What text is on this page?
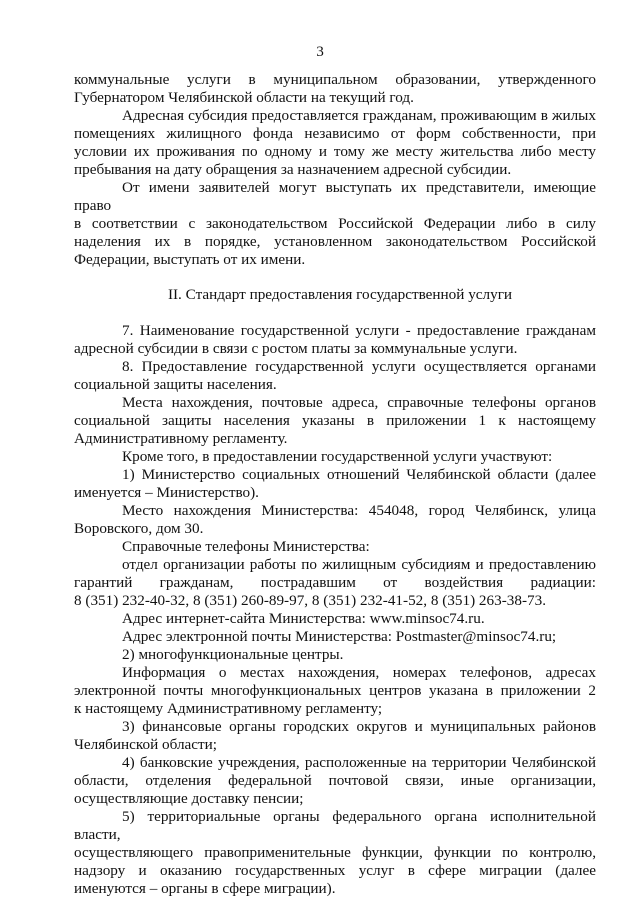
3

коммунальные услуги в муниципальном образовании, утвержденного

Губернатором Челябинской области на текущий год.

Адресная субсидия предоставляется гражданам, проживающим в жилых

помещениях жилищного фонда независимо от форм собственности, при

условии их проживания по одному и тому же месту жительства либо месту

пребывания на дату обращения за назначением адресной субсидии.

От имени заявителей могут выступать их представители, имеющие право

в соответствии с законодательством Российской Федерации либо в силу

наделения их в порядке, установленном законодательством Российской

Федерации, выступать от их имени.

II. Стандарт предоставления государственной услуги

7. Наименование государственной услуги - предоставление гражданам

адресной субсидии в связи с ростом платы за коммунальные услуги.

8. Предоставление государственной услуги осуществляется органами

социальной защиты населения.

Места нахождения, почтовые адреса, справочные телефоны органов

социальной защиты населения указаны в приложении 1 к настоящему

Административному регламенту.

Кроме того, в предоставлении государственной услуги участвуют:

1) Министерство социальных отношений Челябинской области (далее

именуется – Министерство).

Место нахождения Министерства: 454048, город Челябинск, улица

Воровского, дом 30.

Справочные телефоны Министерства:

отдел организации работы по жилищным субсидиям и предоставлению

гарантий гражданам, пострадавшим от воздействия радиации:

8 (351) 232-40-32, 8 (351) 260-89-97, 8 (351) 232-41-52, 8 (351) 263-38-73.

Адрес интернет-сайта Министерства: www.minsoc74.ru.

Адрес электронной почты Министерства: Postmaster@minsoc74.ru;

2) многофункциональные центры.

Информация о местах нахождения, номерах телефонов, адресах

электронной почты многофункциональных центров указана в приложении 2

к настоящему Административному регламенту;

3) финансовые органы городских округов и муниципальных районов

Челябинской области;

4) банковские учреждения, расположенные на территории Челябинской

области, отделения федеральной почтовой связи, иные организации,

осуществляющие доставку пенсии;

5) территориальные органы федерального органа исполнительной власти,

осуществляющего правоприменительные функции, функции по контролю,

надзору и оказанию государственных услуг в сфере миграции (далее

именуются – органы в сфере миграции).
